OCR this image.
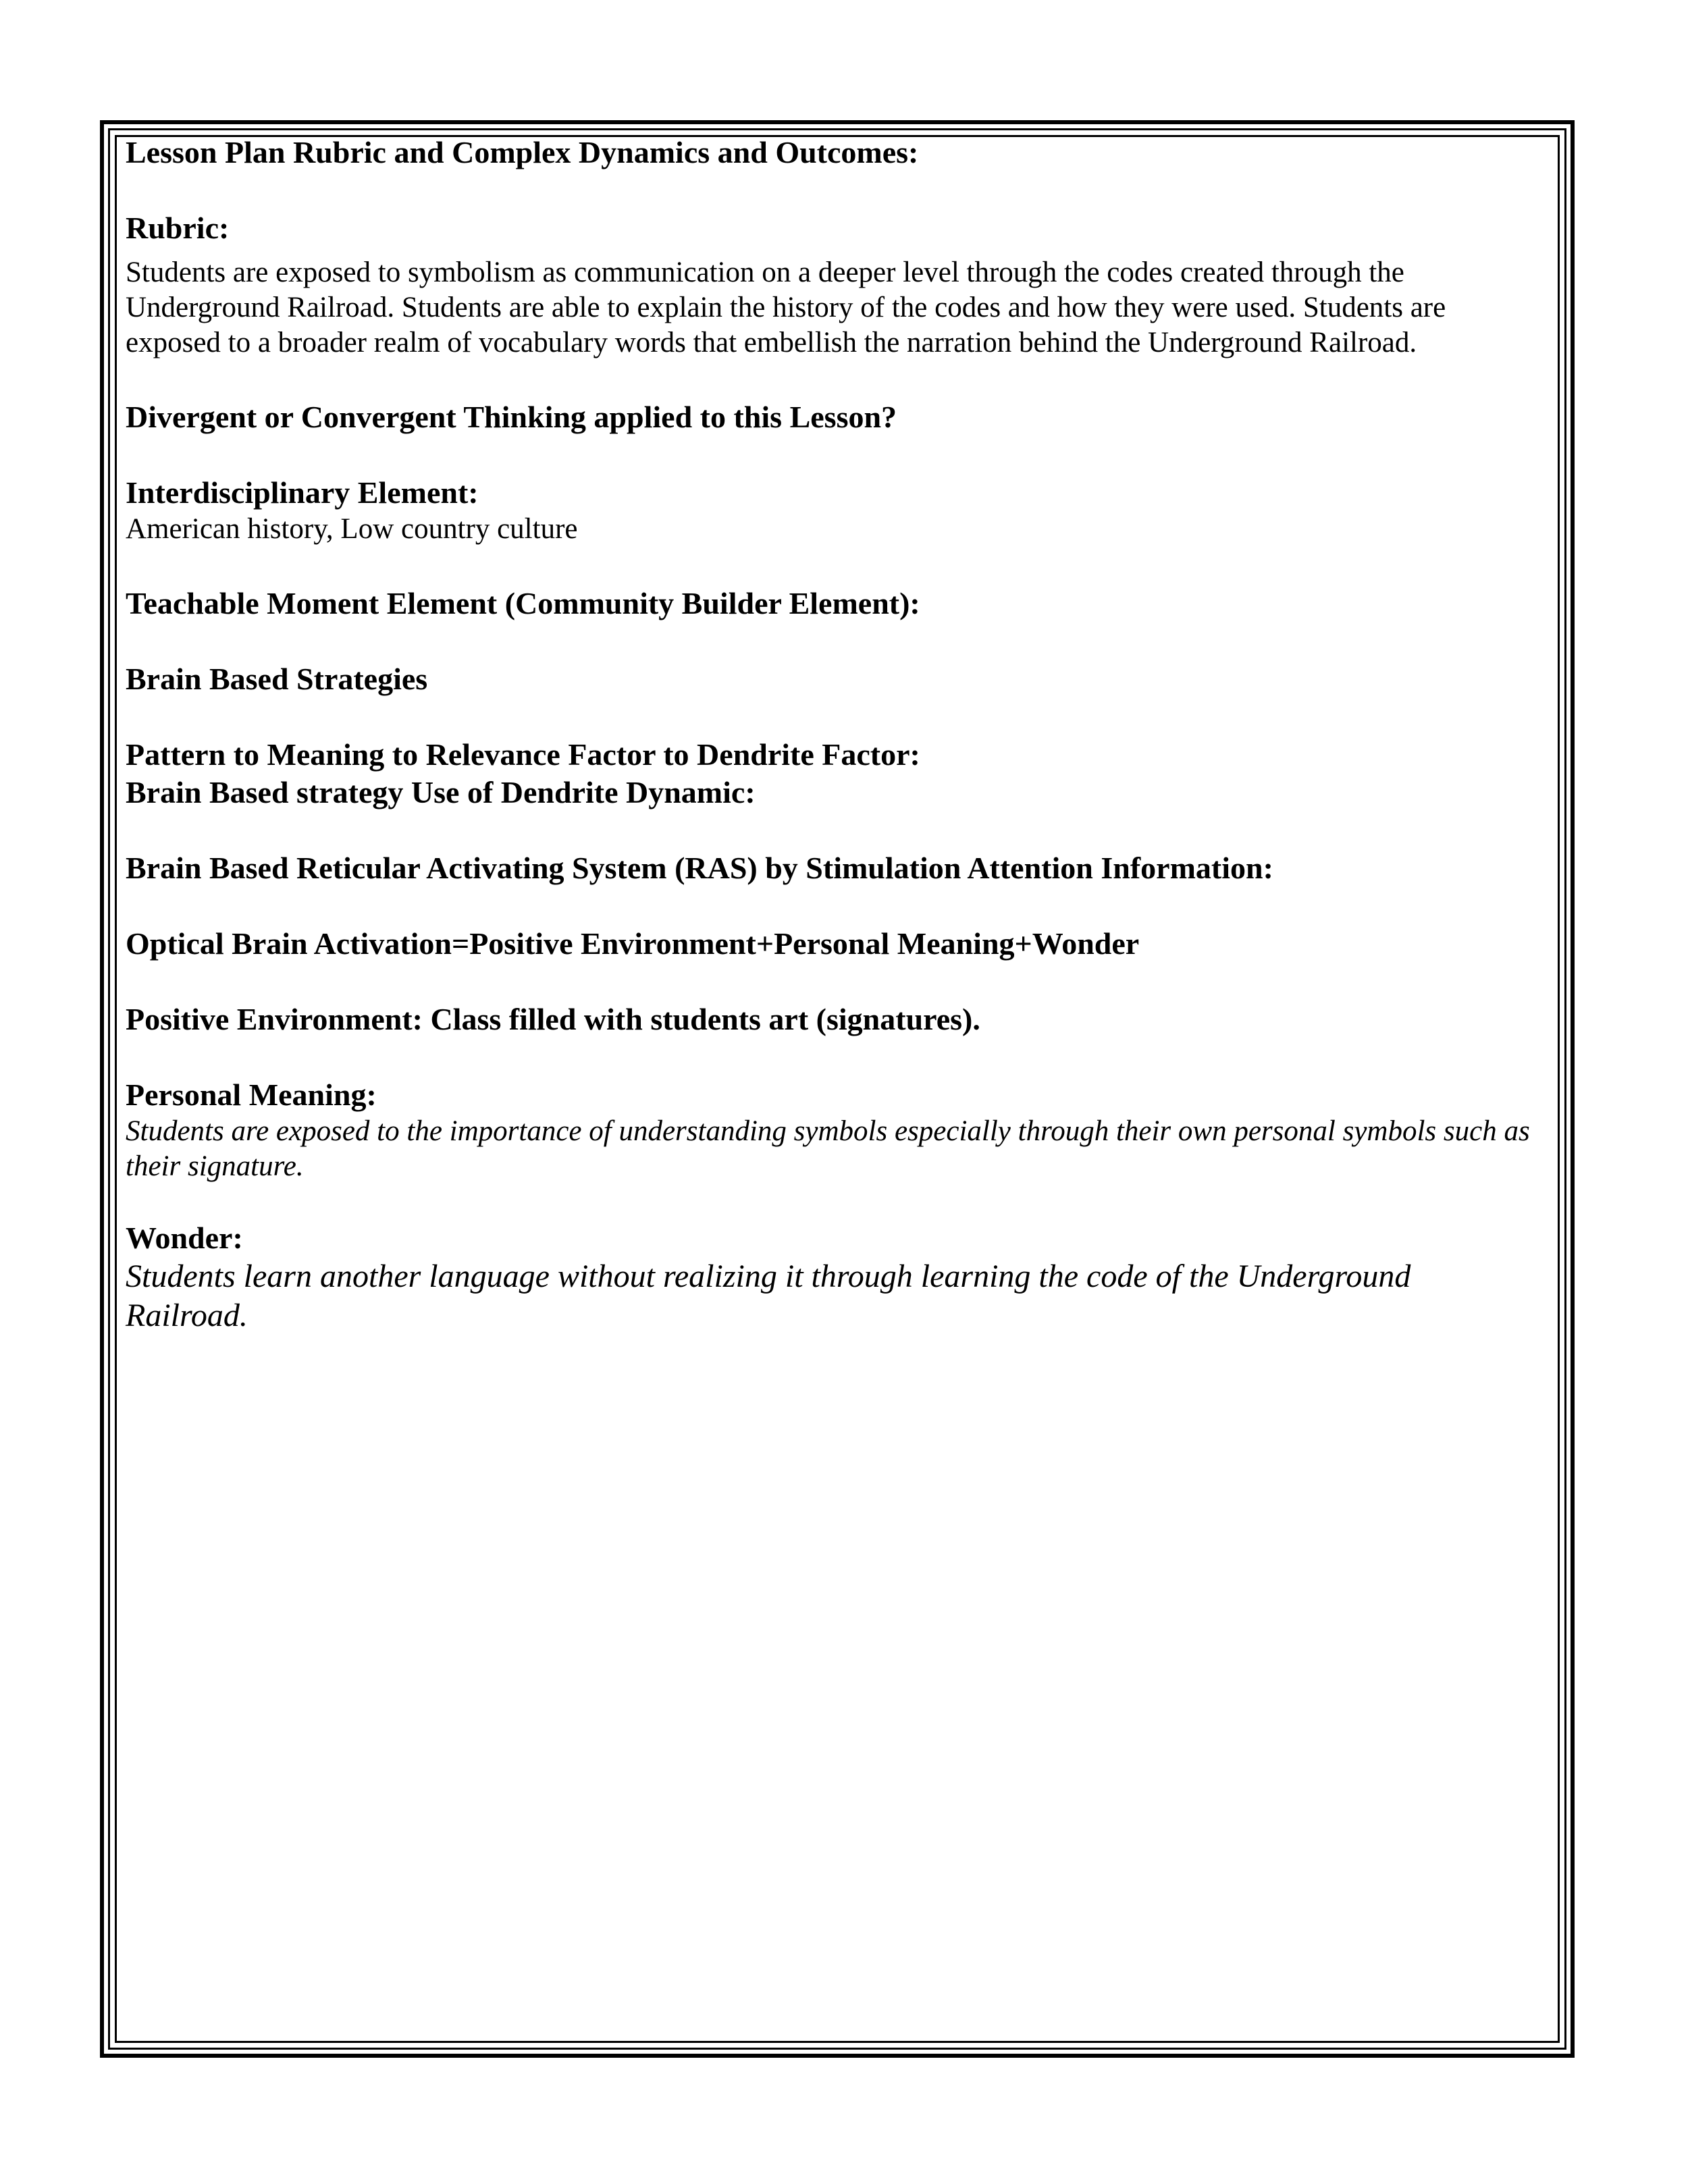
Lesson Plan Rubric and Complex Dynamics and Outcomes:

Rubric:

Students are exposed to symbolism as communication on a deeper level through the codes created through the Underground Railroad. Students are able to explain the history of the codes and how they were used. Students are exposed to a broader realm of vocabulary words that embellish the narration behind the Underground Railroad.

Divergent or Convergent Thinking applied to this Lesson?

Interdisciplinary Element:

American history, Low country culture

Teachable Moment Element (Community Builder Element):

Brain Based Strategies

Pattern to Meaning to Relevance Factor to Dendrite Factor:

Brain Based strategy Use of Dendrite Dynamic:

Brain Based Reticular Activating System (RAS) by Stimulation Attention Information:

Optical Brain Activation=Positive Environment+Personal Meaning+Wonder

Positive Environment: Class filled with students art (signatures).

Personal Meaning:

Students are exposed to the importance of understanding symbols especially through their own personal symbols such as their signature.

Wonder:

Students learn another language without realizing it through learning the code of the Underground Railroad.
